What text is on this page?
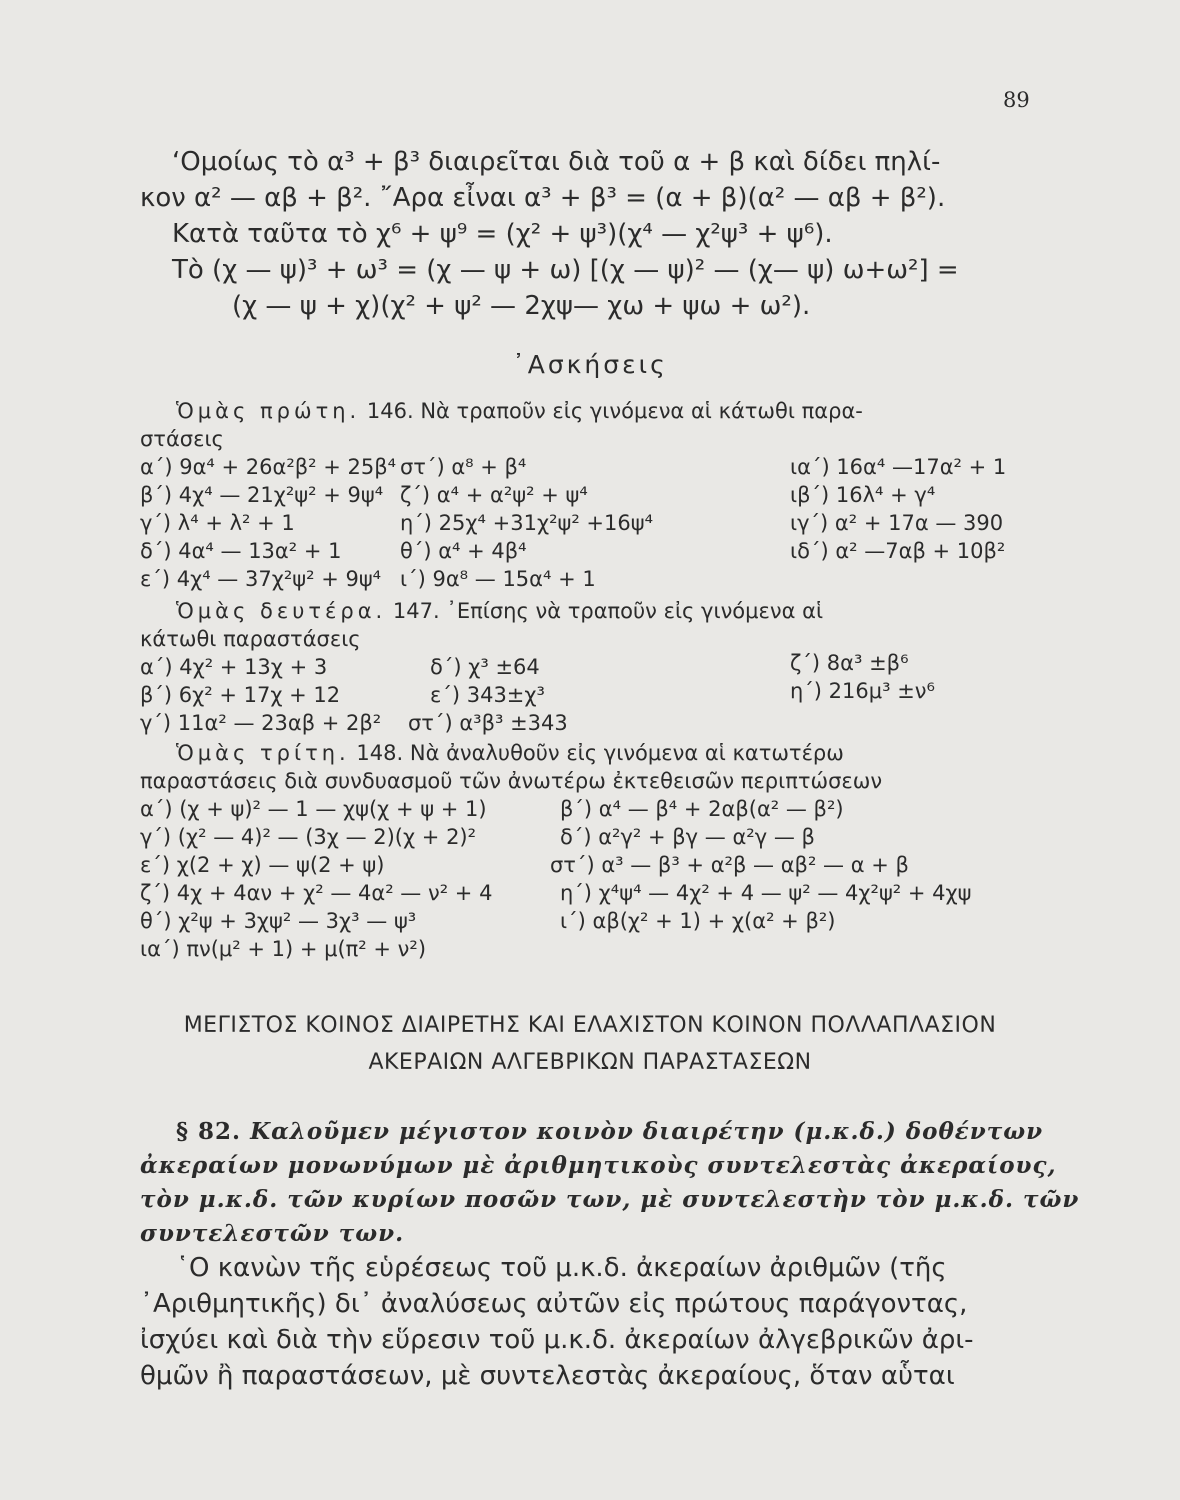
89
‘Ομοίως τὸ α³ + β³ διαιρεῖται διὰ τοῦ α + β καὶ δίδει πηλί-
κον α² — αβ + β². ῎Αρα εἶναι α³ + β³ = (α + β)(α² — αβ + β²).
Κατὰ ταῦτα τὸ χ⁶ + ψ⁹ = (χ² + ψ³)(χ⁴ — χ²ψ³ + ψ⁶).
Τὸ (χ — ψ)³ + ω³ = (χ — ψ + ω) [(χ — ψ)² — (χ— ψ) ω+ω²] =
(χ — ψ + χ)(χ² + ψ² — 2χψ— χω + ψω + ω²).
᾿Ασκήσεις
Ὁμὰς πρώτη. 146. Νὰ τραποῦν εἰς γινόμενα αἱ κάτωθι παρα-
στάσεις
α΄) 9α⁴ + 26α²β² + 25β⁴
β΄) 4χ⁴ — 21χ²ψ² + 9ψ⁴
γ΄) λ⁴ + λ² + 1
δ΄) 4α⁴ — 13α² + 1
ε΄) 4χ⁴ — 37χ²ψ² + 9ψ⁴
στ΄) α⁸ + β⁴
ζ΄) α⁴ + α²ψ² + ψ⁴
η΄) 25χ⁴ +31χ²ψ² +16ψ⁴
θ΄) α⁴ + 4β⁴
ι΄) 9α⁸ — 15α⁴ + 1
ια΄) 16α⁴ —17α² + 1
ιβ΄) 16λ⁴ + γ⁴
ιγ΄) α² + 17α — 390
ιδ΄) α² —7αβ + 10β²
Ὁμὰς δευτέρα. 147. ᾿Επίσης νὰ τραποῦν εἰς γινόμενα αἱ
κάτωθι παραστάσεις
α΄) 4χ² + 13χ + 3
β΄) 6χ² + 17χ + 12
γ΄) 11α² — 23αβ + 2β²
δ΄) χ³ ±64
ε΄) 343±χ³
στ΄) α³β³ ±343
ζ΄) 8α³ ±β⁶
η΄) 216μ³ ±ν⁶
Ὁμὰς τρίτη. 148. Νὰ ἀναλυθοῦν εἰς γινόμενα αἱ κατωτέρω
παραστάσεις διὰ συνδυασμοῦ τῶν ἀνωτέρω ἐκτεθεισῶν περιπτώσεων
α΄) (χ + ψ)² — 1 — χψ(χ + ψ + 1)
γ΄) (χ² — 4)² — (3χ — 2)(χ + 2)²
ε΄) χ(2 + χ) — ψ(2 + ψ)
ζ΄) 4χ + 4αν + χ² — 4α² — ν² + 4
θ΄) χ²ψ + 3χψ² — 3χ³ — ψ³
ια΄) πν(μ² + 1) + μ(π² + ν²)
β΄) α⁴ — β⁴ + 2αβ(α² — β²)
δ΄) α²γ² + βγ — α²γ — β
στ΄) α³ — β³ + α²β — αβ² — α + β
η΄) χ⁴ψ⁴ — 4χ² + 4 — ψ² — 4χ²ψ² + 4χψ
ι΄) αβ(χ² + 1) + χ(α² + β²)
ΜΕΓΙΣΤΟΣ ΚΟΙΝΟΣ ΔΙΑΙΡΕΤΗΣ ΚΑΙ ΕΛΑΧΙΣΤΟΝ ΚΟΙΝΟΝ ΠΟΛΛΑΠΛΑΣΙΟΝ
ΑΚΕΡΑΙΩΝ ΑΛΓΕΒΡΙΚΩΝ ΠΑΡΑΣΤΑΣΕΩΝ
§ 82. Καλοῦμεν μέγιστον κοινὸν διαιρέτην (μ.κ.δ.) δοθέντων
ἀκεραίων μονωνύμων μὲ ἀριθμητικοὺς συντελεστὰς ἀκεραίους,
τὸν μ.κ.δ. τῶν κυρίων ποσῶν των, μὲ συντελεστὴν τὸν μ.κ.δ. τῶν
συντελεστῶν των.
῾Ο κανὼν τῆς εὑρέσεως τοῦ μ.κ.δ. ἀκεραίων ἀριθμῶν (τῆς
᾿Αριθμητικῆς) δι᾿ ἀναλύσεως αὐτῶν εἰς πρώτους παράγοντας,
ἰσχύει καὶ διὰ τὴν εὕρεσιν τοῦ μ.κ.δ. ἀκεραίων ἀλγεβρικῶν ἀρι-
θμῶν ἢ παραστάσεων, μὲ συντελεστὰς ἀκεραίους, ὅταν αὗται
